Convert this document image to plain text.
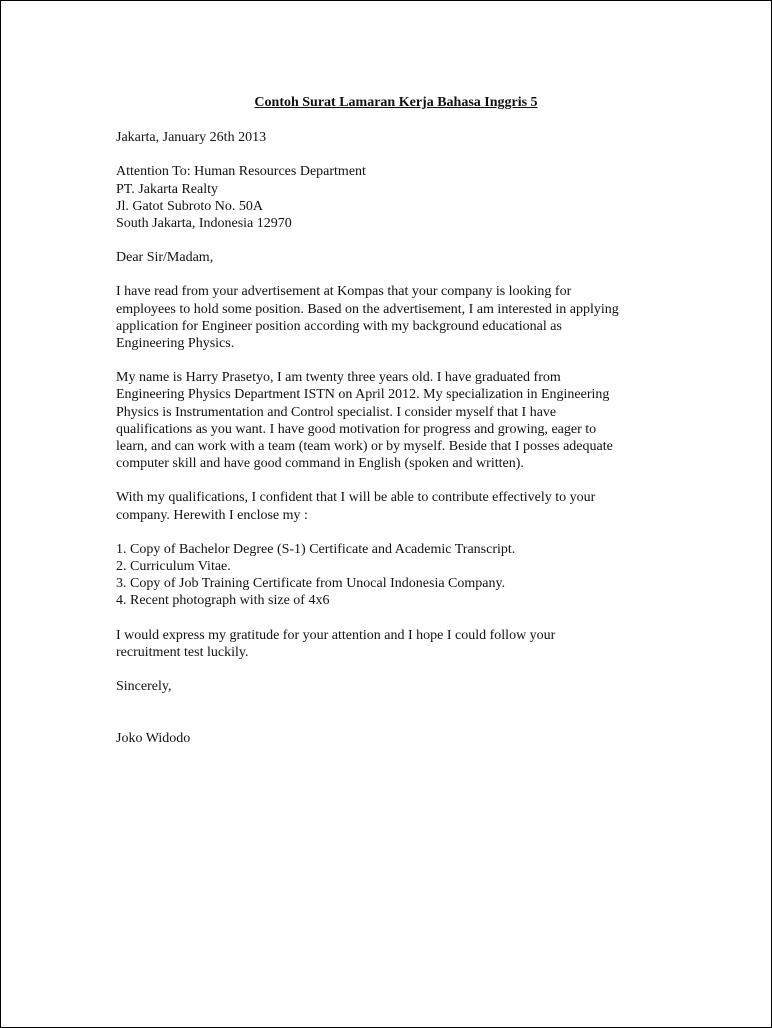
Contoh Surat Lamaran Kerja Bahasa Inggris 5
Jakarta, January 26th 2013
Attention To: Human Resources Department
PT. Jakarta Realty
Jl. Gatot Subroto No. 50A
South Jakarta, Indonesia 12970
Dear Sir/Madam,
I have read from your advertisement at Kompas that your company is looking for
employees to hold some position. Based on the advertisement, I am interested in applying
application for Engineer position according with my background educational as
Engineering Physics.
My name is Harry Prasetyo, I am twenty three years old. I have graduated from
Engineering Physics Department ISTN on April 2012. My specialization in Engineering
Physics is Instrumentation and Control specialist. I consider myself that I have
qualifications as you want. I have good motivation for progress and growing, eager to
learn, and can work with a team (team work) or by myself. Beside that I posses adequate
computer skill and have good command in English (spoken and written).
With my qualifications, I confident that I will be able to contribute effectively to your
company. Herewith I enclose my :
1. Copy of Bachelor Degree (S-1) Certificate and Academic Transcript.
2. Curriculum Vitae.
3. Copy of Job Training Certificate from Unocal Indonesia Company.
4. Recent photograph with size of 4x6
I would express my gratitude for your attention and I hope I could follow your
recruitment test luckily.
Sincerely,
Joko Widodo
